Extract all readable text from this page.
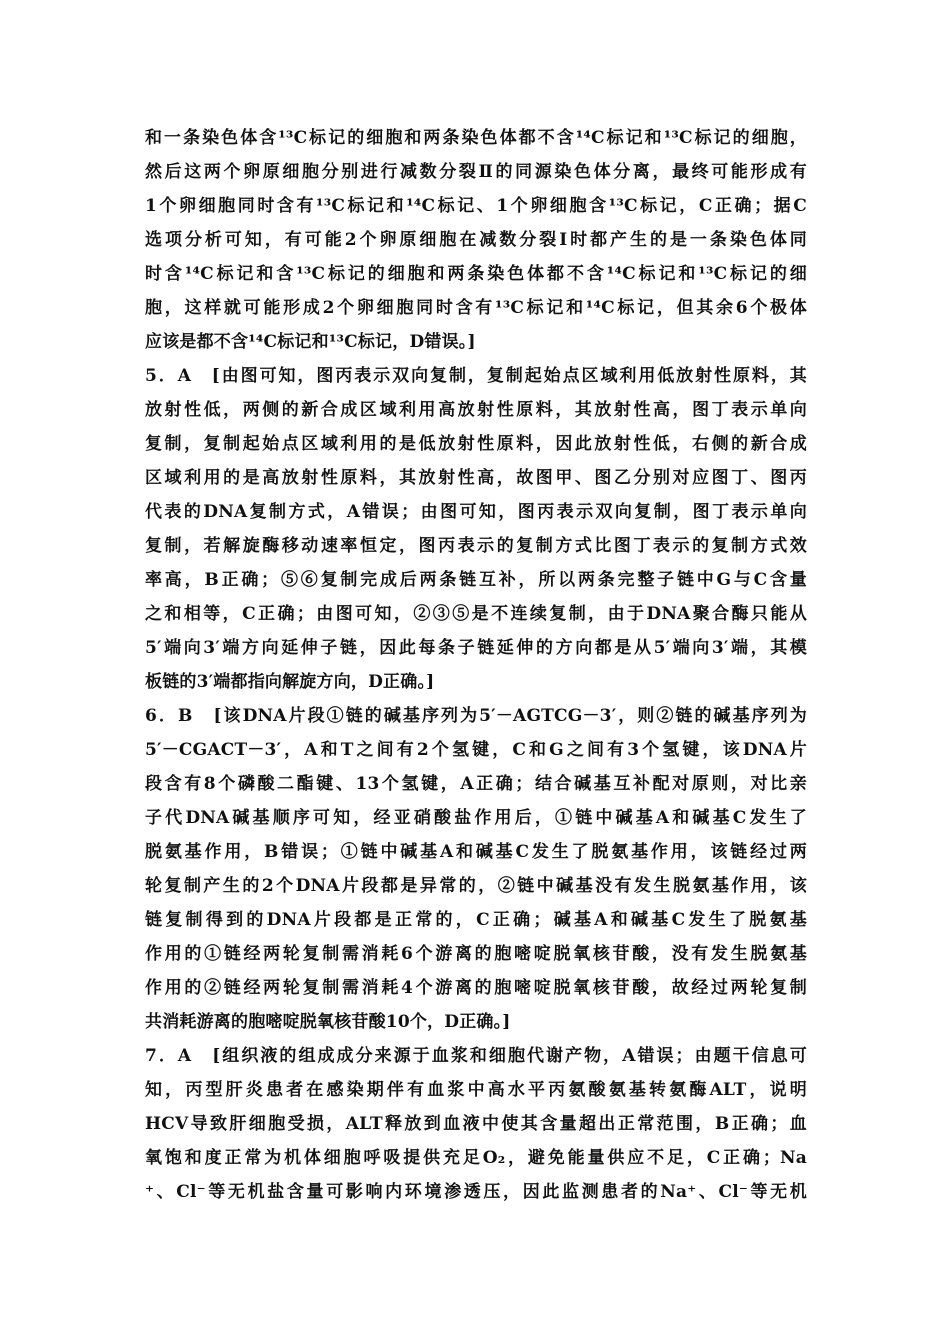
和一条染色体含¹³C标记的细胞和两条染色体都不含¹⁴C标记和¹³C标记的细胞，
然后这两个卵原细胞分别进行减数分裂Ⅱ的同源染色体分离，最终可能形成有
1个卵细胞同时含有¹³C标记和¹⁴C标记、1个卵细胞含¹³C标记，C正确；据C
选项分析可知，有可能2个卵原细胞在减数分裂Ⅰ时都产生的是一条染色体同
时含¹⁴C标记和含¹³C标记的细胞和两条染色体都不含¹⁴C标记和¹³C标记的细
胞，这样就可能形成2个卵细胞同时含有¹³C标记和¹⁴C标记，但其余6个极体
应该是都不含¹⁴C标记和¹³C标记，D错误。]
5．A　[由图可知，图丙表示双向复制，复制起始点区域利用低放射性原料，其
放射性低，两侧的新合成区域利用高放射性原料，其放射性高，图丁表示单向
复制，复制起始点区域利用的是低放射性原料，因此放射性低，右侧的新合成
区域利用的是高放射性原料，其放射性高，故图甲、图乙分别对应图丁、图丙
代表的DNA复制方式，A错误；由图可知，图丙表示双向复制，图丁表示单向
复制，若解旋酶移动速率恒定，图丙表示的复制方式比图丁表示的复制方式效
率高，B正确；⑤⑥复制完成后两条链互补，所以两条完整子链中G与C含量
之和相等，C正确；由图可知，②③⑤是不连续复制，由于DNA聚合酶只能从
5′端向3′端方向延伸子链，因此每条子链延伸的方向都是从5′端向3′端，其模
板链的3′端都指向解旋方向，D正确。]
6．B　[该DNA片段①链的碱基序列为5′－AGTCG－3′，则②链的碱基序列为
5′－CGACT－3′，A和T之间有2个氢键，C和G之间有3个氢键，该DNA片
段含有8个磷酸二酯键、13个氢键，A正确；结合碱基互补配对原则，对比亲
子代DNA碱基顺序可知，经亚硝酸盐作用后，①链中碱基A和碱基C发生了
脱氨基作用，B错误；①链中碱基A和碱基C发生了脱氨基作用，该链经过两
轮复制产生的2个DNA片段都是异常的，②链中碱基没有发生脱氨基作用，该
链复制得到的DNA片段都是正常的，C正确；碱基A和碱基C发生了脱氨基
作用的①链经两轮复制需消耗6个游离的胞嘧啶脱氧核苷酸，没有发生脱氨基
作用的②链经两轮复制需消耗4个游离的胞嘧啶脱氧核苷酸，故经过两轮复制
共消耗游离的胞嘧啶脱氧核苷酸10个，D正确。]
7．A　[组织液的组成成分来源于血浆和细胞代谢产物，A错误；由题干信息可
知，丙型肝炎患者在感染期伴有血浆中高水平丙氨酸氨基转氨酶ALT，说明
HCV导致肝细胞受损，ALT释放到血液中使其含量超出正常范围，B正确；血
氧饱和度正常为机体细胞呼吸提供充足O₂，避免能量供应不足，C正确；Na
⁺、Cl⁻等无机盐含量可影响内环境渗透压，因此监测患者的Na⁺、Cl⁻等无机
